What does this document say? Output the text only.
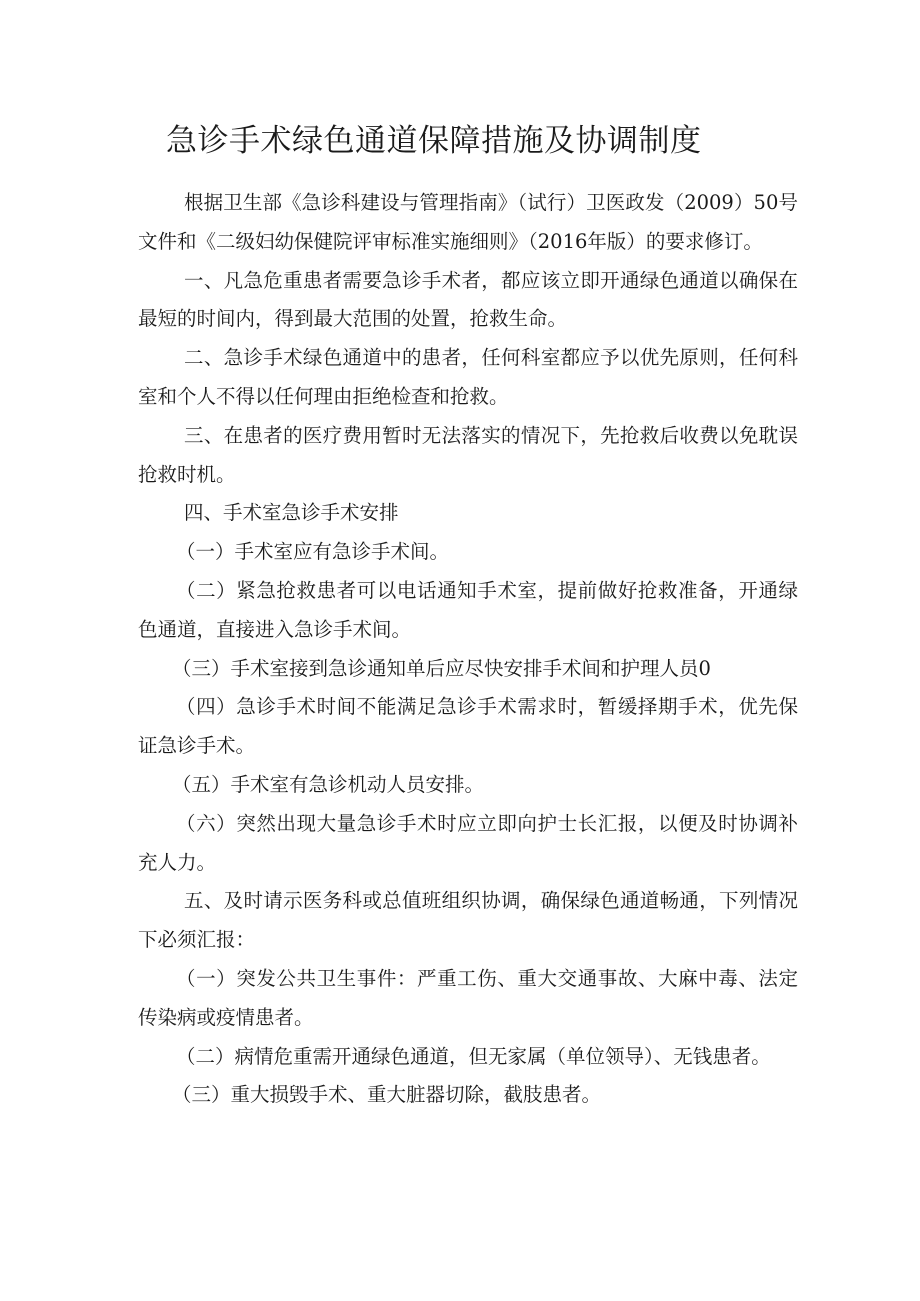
急诊手术绿色通道保障措施及协调制度

根据卫生部《急诊科建设与管理指南》（试行）卫医政发（2009）50号文件和《二级妇幼保健院评审标准实施细则》（2016年版）的要求修订。

一、凡急危重患者需要急诊手术者，都应该立即开通绿色通道以确保在最短的时间内，得到最大范围的处置，抢救生命。

二、急诊手术绿色通道中的患者，任何科室都应予以优先原则，任何科室和个人不得以任何理由拒绝检查和抢救。

三、在患者的医疗费用暂时无法落实的情况下，先抢救后收费以免耽误抢救时机。

四、手术室急诊手术安排

（一）手术室应有急诊手术间。

（二）紧急抢救患者可以电话通知手术室，提前做好抢救准备，开通绿色通道，直接进入急诊手术间。

（三）手术室接到急诊通知单后应尽快安排手术间和护理人员0

（四）急诊手术时间不能满足急诊手术需求时，暂缓择期手术，优先保证急诊手术。

（五）手术室有急诊机动人员安排。

（六）突然出现大量急诊手术时应立即向护士长汇报，以便及时协调补充人力。

五、及时请示医务科或总值班组织协调，确保绿色通道畅通，下列情况下必须汇报：

（一）突发公共卫生事件：严重工伤、重大交通事故、大麻中毒、法定传染病或疫情患者。

（二）病情危重需开通绿色通道，但无家属（单位领导）、无钱患者。

（三）重大损毁手术、重大脏器切除，截肢患者。
